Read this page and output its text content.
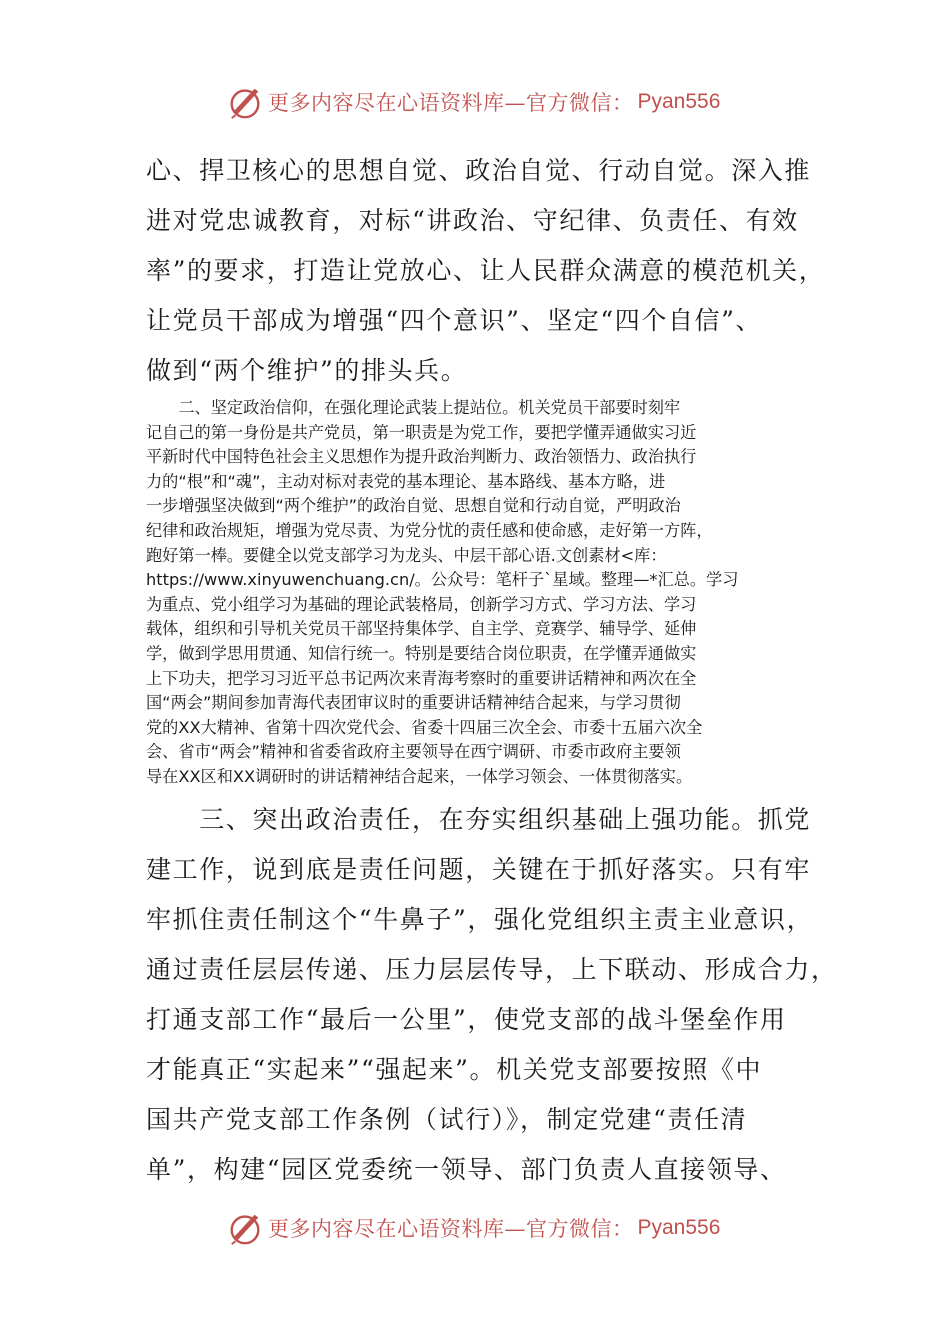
更多内容尽在心语资料库—官方微信： Pyan556
心、捍卫核心的思想自觉、政治自觉、行动自觉。深入推
进对党忠诚教育，对标“讲政治、守纪律、负责任、有效
率”的要求，打造让党放心、让人民群众满意的模范机关，
让党员干部成为增强“四个意识”、坚定“四个自信”、
做到“两个维护”的排头兵。
　　二、坚定政治信仰，在强化理论武装上提站位。机关党员干部要时刻牢
记自己的第一身份是共产党员，第一职责是为党工作，要把学懂弄通做实习近
平新时代中国特色社会主义思想作为提升政治判断力、政治领悟力、政治执行
力的“根”和“魂”，主动对标对表党的基本理论、基本路线、基本方略，进
一步增强坚决做到“两个维护”的政治自觉、思想自觉和行动自觉，严明政治
纪律和政治规矩，增强为党尽责、为党分忧的责任感和使命感，走好第一方阵，
跑好第一棒。要健全以党支部学习为龙头、中层干部心语.文创素材<库：
https://www.xinyuwenchuang.cn/。公众号：笔杆子`星域。整理—*汇总。学习
为重点、党小组学习为基础的理论武装格局，创新学习方式、学习方法、学习
载体，组织和引导机关党员干部坚持集体学、自主学、竞赛学、辅导学、延伸
学，做到学思用贯通、知信行统一。特别是要结合岗位职责，在学懂弄通做实
上下功夫，把学习习近平总书记两次来青海考察时的重要讲话精神和两次在全
国“两会”期间参加青海代表团审议时的重要讲话精神结合起来，与学习贯彻
党的XX大精神、省第十四次党代会、省委十四届三次全会、市委十五届六次全
会、省市“两会”精神和省委省政府主要领导在西宁调研、市委市政府主要领
导在XX区和XX调研时的讲话精神结合起来，一体学习领会、一体贯彻落实。
　　三、突出政治责任，在夯实组织基础上强功能。抓党
建工作，说到底是责任问题，关键在于抓好落实。只有牢
牢抓住责任制这个“牛鼻子”，强化党组织主责主业意识，
通过责任层层传递、压力层层传导，上下联动、形成合力，
打通支部工作“最后一公里”，使党支部的战斗堡垒作用
才能真正“实起来”“强起来”。机关党支部要按照《中
国共产党支部工作条例（试行）》，制定党建“责任清
单”，构建“园区党委统一领导、部门负责人直接领导、
更多内容尽在心语资料库—官方微信： Pyan556
